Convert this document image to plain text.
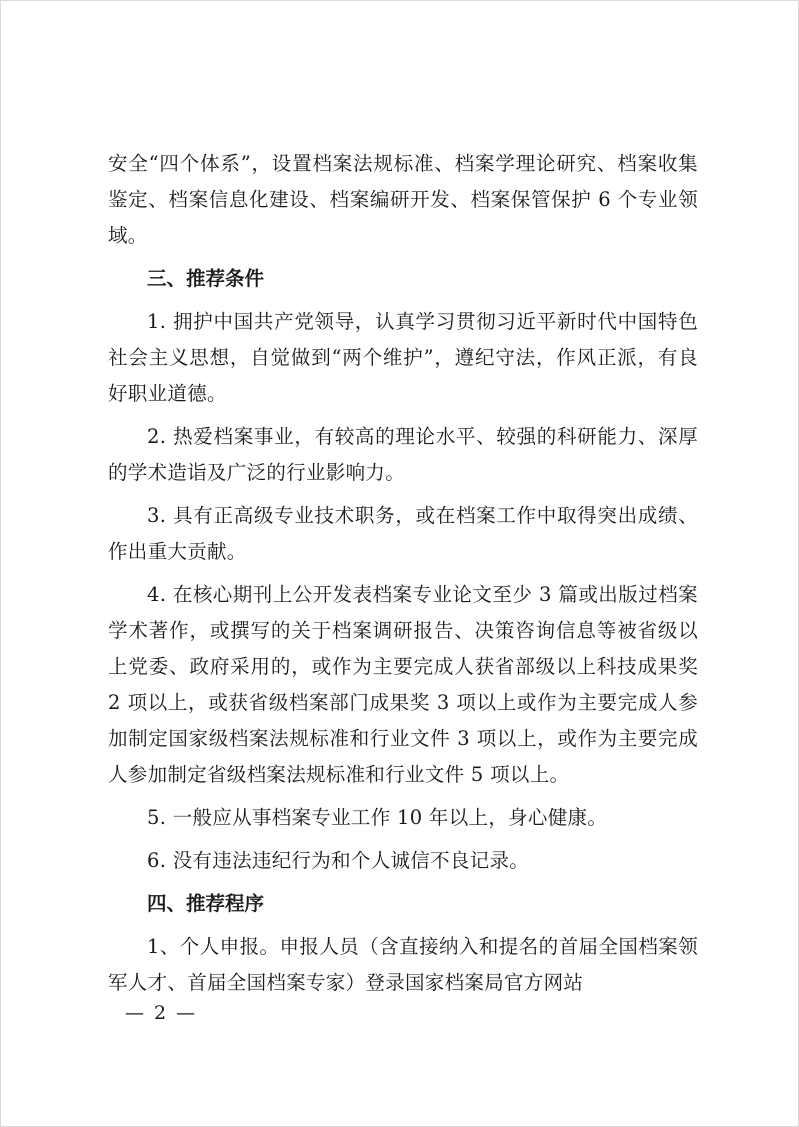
安全“四个体系”，设置档案法规标准、档案学理论研究、档案收集鉴定、档案信息化建设、档案编研开发、档案保管保护 6 个专业领域。

三、推荐条件

1. 拥护中国共产党领导，认真学习贯彻习近平新时代中国特色社会主义思想，自觉做到“两个维护”，遵纪守法，作风正派，有良好职业道德。

2. 热爱档案事业，有较高的理论水平、较强的科研能力、深厚的学术造诣及广泛的行业影响力。

3. 具有正高级专业技术职务，或在档案工作中取得突出成绩、作出重大贡献。

4. 在核心期刊上公开发表档案专业论文至少 3 篇或出版过档案学术著作，或撰写的关于档案调研报告、决策咨询信息等被省级以上党委、政府采用的，或作为主要完成人获省部级以上科技成果奖 2 项以上，或获省级档案部门成果奖 3 项以上或作为主要完成人参加制定国家级档案法规标准和行业文件 3 项以上，或作为主要完成人参加制定省级档案法规标准和行业文件 5 项以上。

5. 一般应从事档案专业工作 10 年以上，身心健康。

6. 没有违法违纪行为和个人诚信不良记录。

四、推荐程序

1、个人申报。申报人员（含直接纳入和提名的首届全国档案领军人才、首届全国档案专家）登录国家档案局官方网站

— 2 —
